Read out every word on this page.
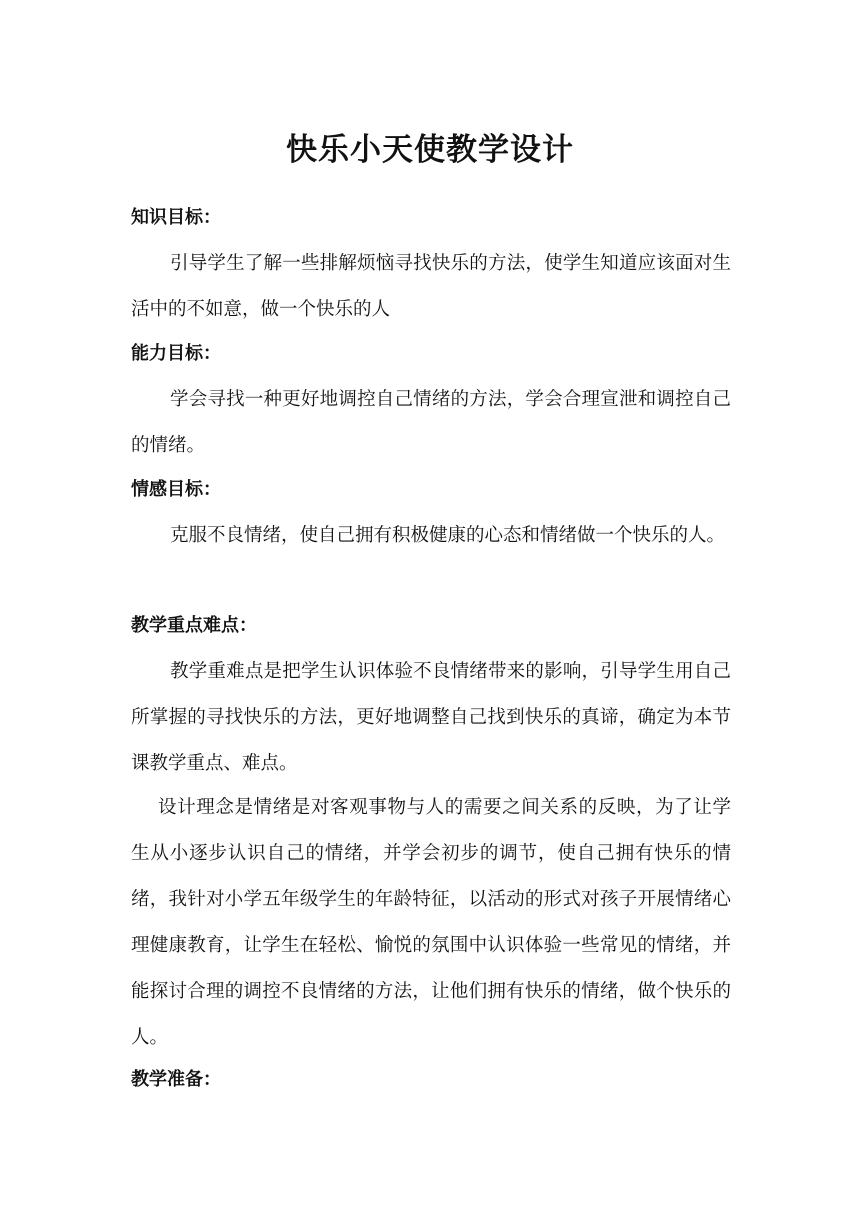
快乐小天使教学设计
知识目标：

引导学生了解一些排解烦恼寻找快乐的方法，使学生知道应该面对生活中的不如意，做一个快乐的人

能力目标：

学会寻找一种更好地调控自己情绪的方法，学会合理宣泄和调控自己的情绪。

情感目标：

克服不良情绪，使自己拥有积极健康的心态和情绪做一个快乐的人。

教学重点难点：

教学重难点是把学生认识体验不良情绪带来的影响，引导学生用自己所掌握的寻找快乐的方法，更好地调整自己找到快乐的真谛，确定为本节课教学重点、难点。

设计理念是情绪是对客观事物与人的需要之间关系的反映，为了让学生从小逐步认识自己的情绪，并学会初步的调节，使自己拥有快乐的情绪，我针对小学五年级学生的年龄特征，以活动的形式对孩子开展情绪心理健康教育，让学生在轻松、愉悦的氛围中认识体验一些常见的情绪，并能探讨合理的调控不良情绪的方法，让他们拥有快乐的情绪，做个快乐的人。

教学准备：
